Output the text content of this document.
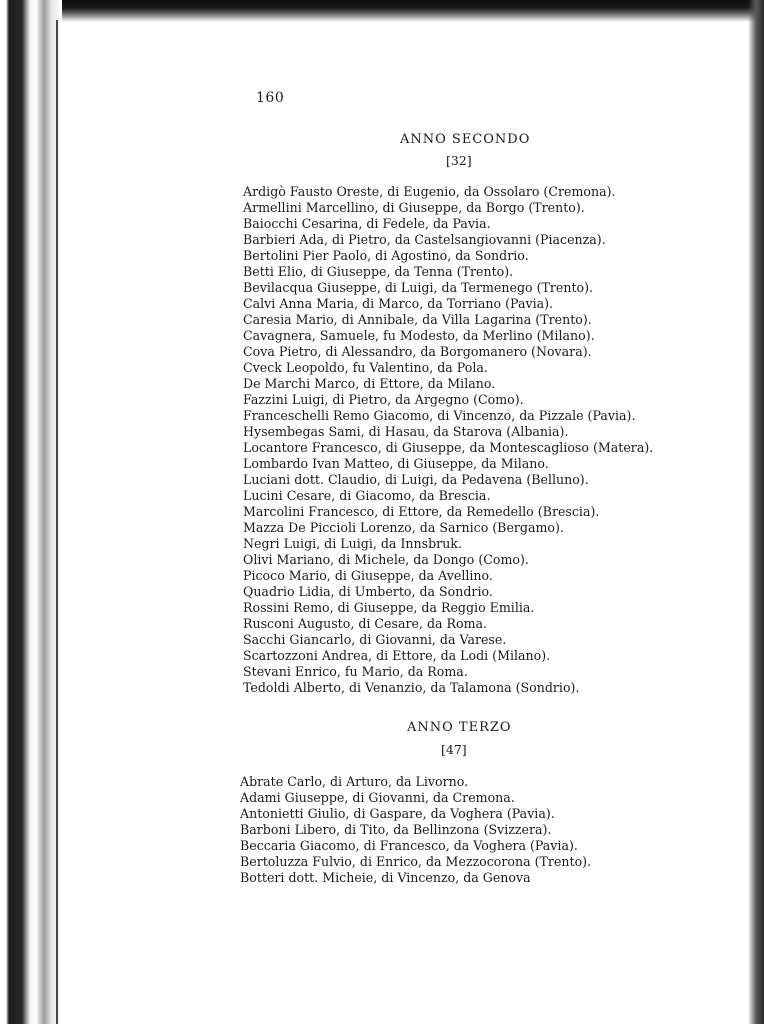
160
ANNO SECONDO
[32]
Ardigò Fausto Oreste, di Eugenio, da Ossolaro (Cremona).
Armellini Marcellino, di Giuseppe, da Borgo (Trento).
Baiocchi Cesarina, di Fedele, da Pavia.
Barbieri Ada, di Pietro, da Castelsangiovanni (Piacenza).
Bertolini Pier Paolo, di Agostino, da Sondrio.
Betti Elio, di Giuseppe, da Tenna (Trento).
Bevilacqua Giuseppe, di Luigi, da Termenego (Trento).
Calvi Anna Maria, di Marco, da Torriano (Pavia).
Caresia Mario, di Annibale, da Villa Lagarina (Trento).
Cavagnera, Samuele, fu Modesto, da Merlino (Milano).
Cova Pietro, di Alessandro, da Borgomanero (Novara).
Cveck Leopoldo, fu Valentino, da Pola.
De Marchi Marco, di Ettore, da Milano.
Fazzini Luigi, di Pietro, da Argegno (Como).
Franceschelli Remo Giacomo, di Vincenzo, da Pizzale (Pavia).
Hysembegas Sami, di Hasau, da Starova (Albania).
Locantore Francesco, di Giuseppe, da Montescaglioso (Matera).
Lombardo Ivan Matteo, di Giuseppe, da Milano.
Luciani dott. Claudio, di Luigi, da Pedavena (Belluno).
Lucini Cesare, di Giacomo, da Brescia.
Marcolini Francesco, di Ettore, da Remedello (Brescia).
Mazza De Piccioli Lorenzo, da Sarnico (Bergamo).
Negri Luigi, di Luigi, da Innsbruk.
Olivi Mariano, di Michele, da Dongo (Como).
Picoco Mario, di Giuseppe, da Avellino.
Quadrio Lidia, di Umberto, da Sondrio.
Rossini Remo, di Giuseppe, da Reggio Emilia.
Rusconi Augusto, di Cesare, da Roma.
Sacchi Giancarlo, di Giovanni, da Varese.
Scartozzoni Andrea, di Ettore, da Lodi (Milano).
Stevani Enrico, fu Mario, da Roma.
Tedoldi Alberto, di Venanzio, da Talamona (Sondrio).
ANNO TERZO
[47]
Abrate Carlo, di Arturo, da Livorno.
Adami Giuseppe, di Giovanni, da Cremona.
Antonietti Giulio, di Gaspare, da Voghera (Pavia).
Barboni Libero, di Tito, da Bellinzona (Svizzera).
Beccaria Giacomo, di Francesco, da Voghera (Pavia).
Bertoluzza Fulvio, di Enrico, da Mezzocorona (Trento).
Botteri dott. Micheie, di Vincenzo, da Genova
